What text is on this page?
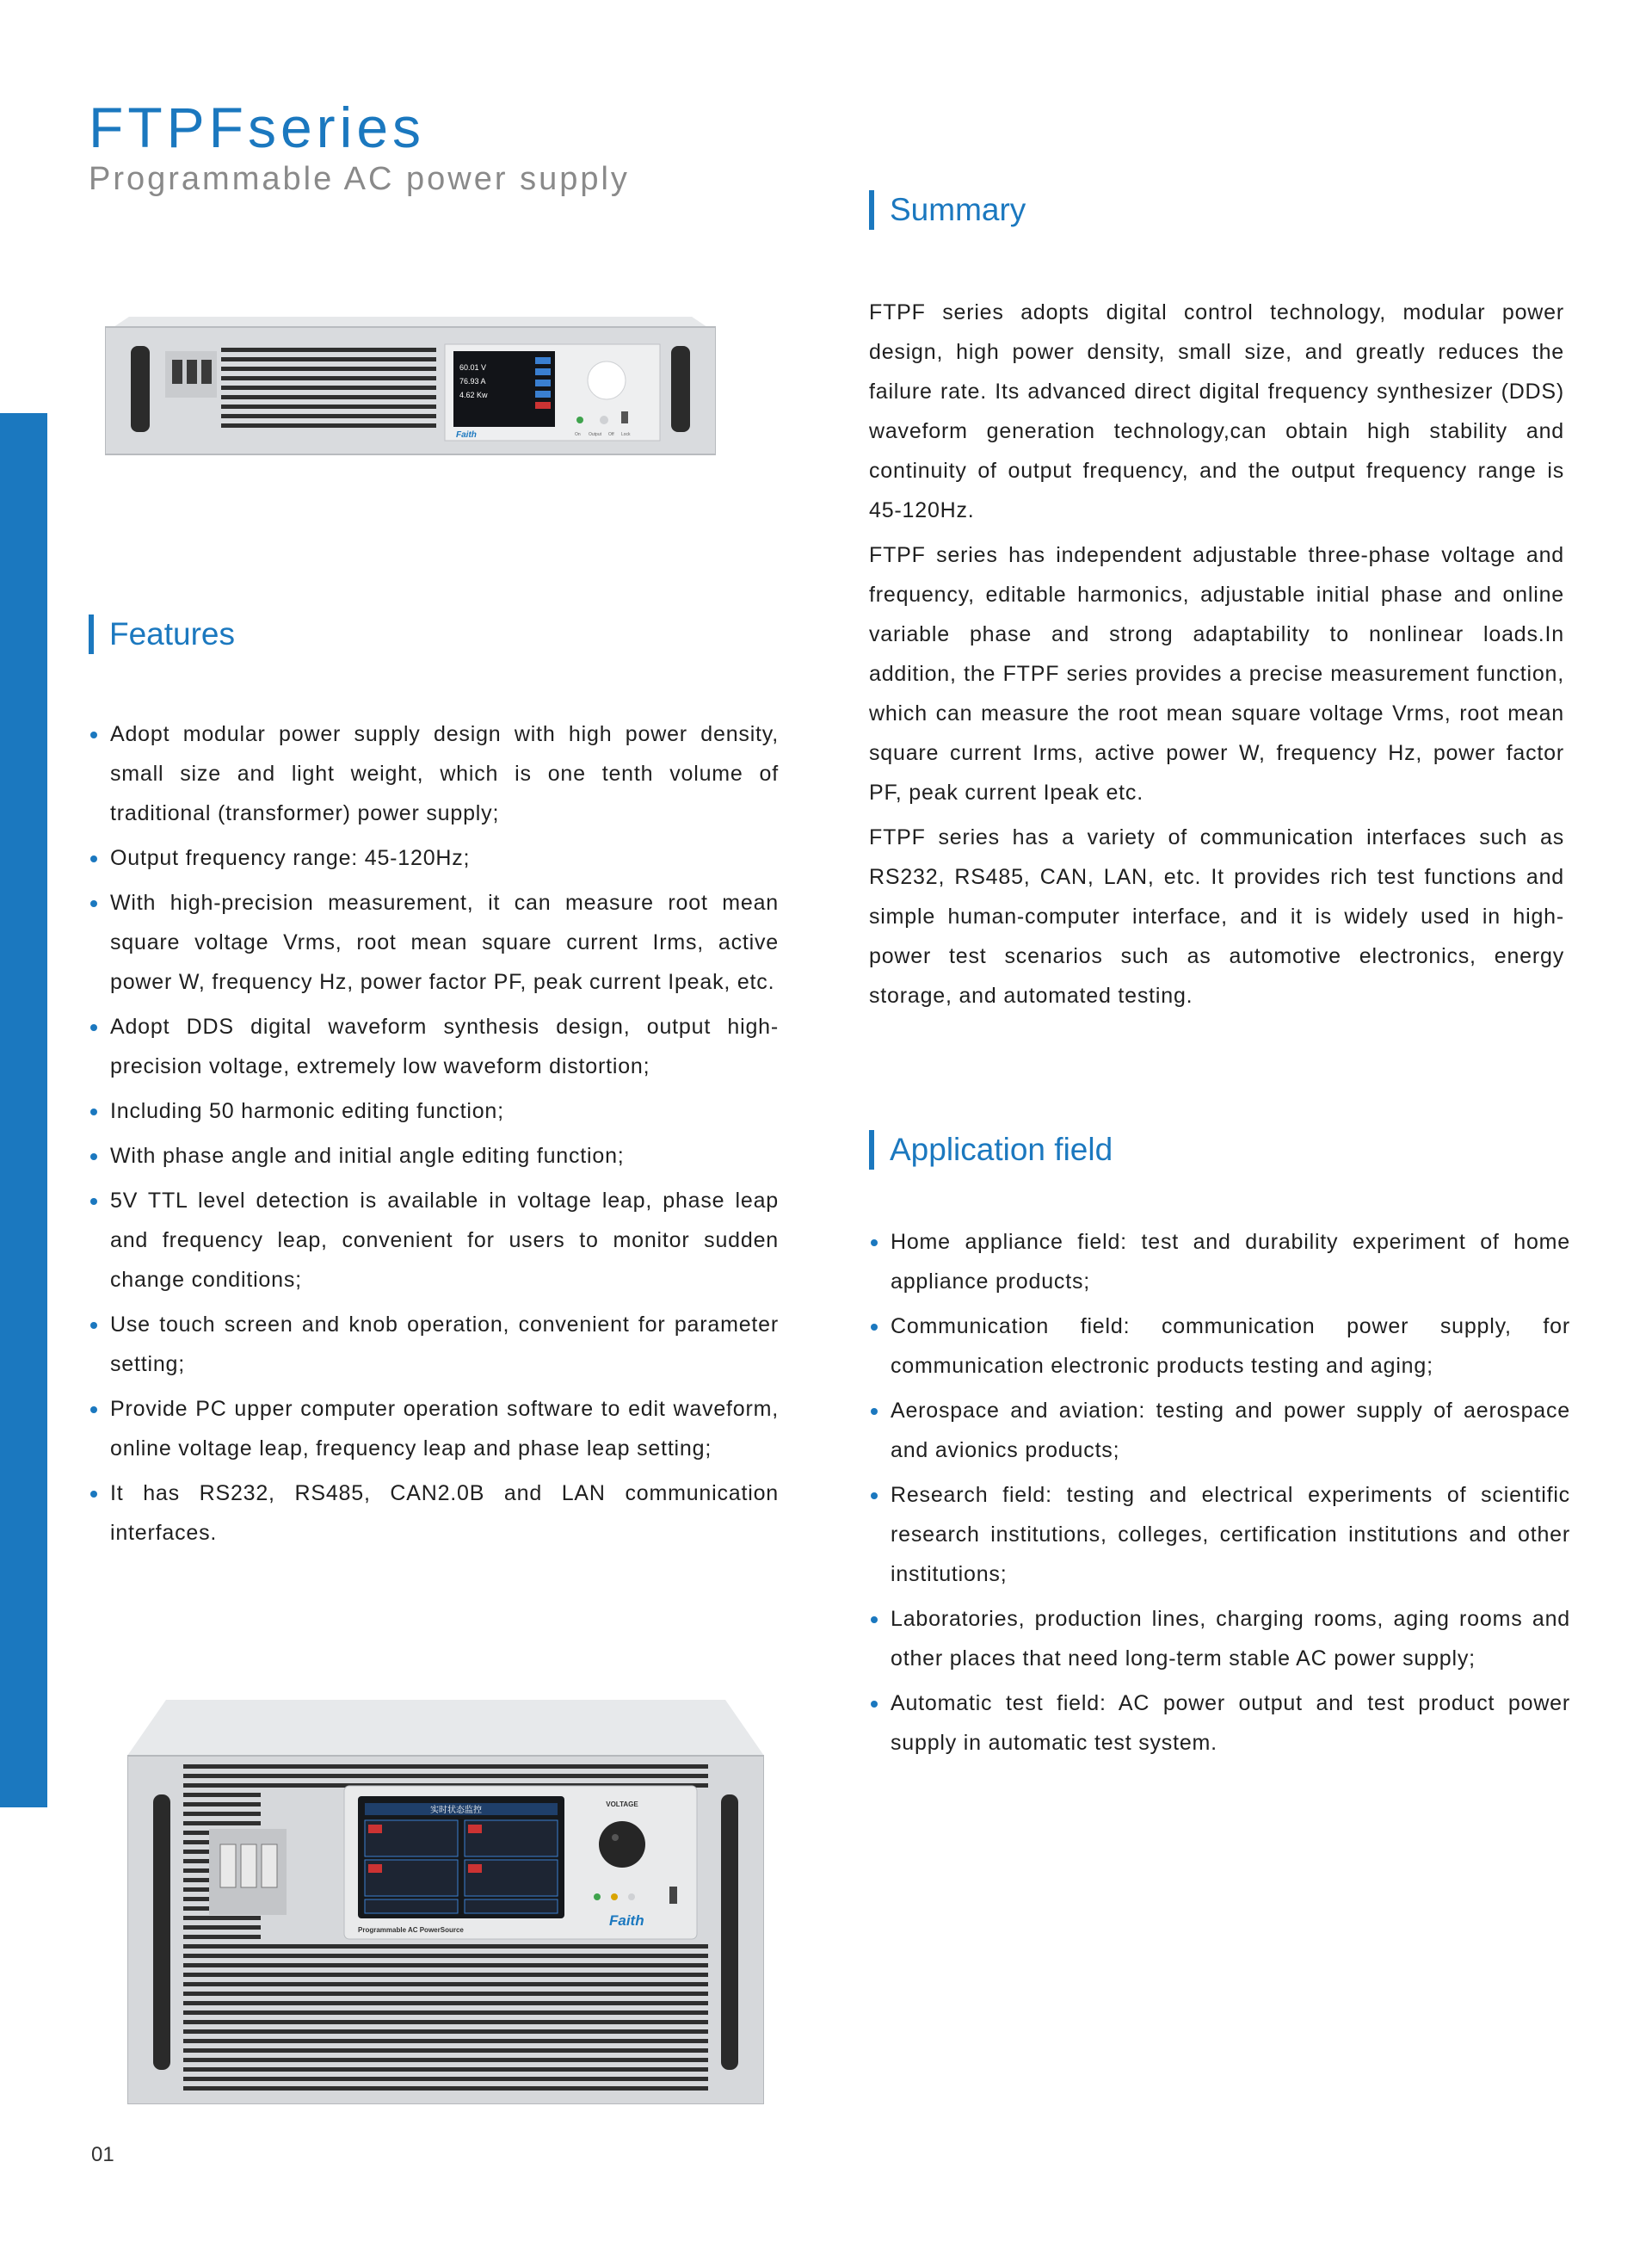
FTPFseries
Programmable AC power supply
60.01 V
76.93 A
4.62 Kw
Faith	On Output Off Lock
Summary

FTPF series adopts digital control technology, modular power design, high power density, small size, and greatly reduces the failure rate. Its advanced direct digital frequency synthesizer (DDS) waveform generation technology,can obtain high stability and continuity of output frequency, and the output frequency range is 45-120Hz.

FTPF series has independent adjustable three-phase voltage and frequency, editable harmonics, adjustable initial phase and online variable phase and strong adaptability to nonlinear loads.In addition, the FTPF series provides a precise measurement function, which can measure the root mean square voltage Vrms, root mean square current Irms, active power W, frequency Hz, power factor PF, peak current Ipeak etc.

FTPF series has a variety of communication interfaces such as RS232, RS485, CAN, LAN, etc. It provides rich test functions and simple human-computer interface, and it is widely used in high-power test scenarios such as automotive electronics, energy storage, and automated testing.

Features
Adopt modular power supply design with high power density, small size and light weight, which is one tenth volume of traditional (transformer) power supply;
Output frequency range: 45-120Hz;
With high-precision measurement, it can measure root mean square voltage Vrms, root mean square current Irms, active power W, frequency Hz, power factor PF, peak current Ipeak, etc.
Adopt DDS digital waveform synthesis design, output high-precision voltage, extremely low waveform distortion;
Including 50 harmonic editing function;
With phase angle and initial angle editing function;
5V TTL level detection is available in voltage leap, phase leap and frequency leap, convenient for users to monitor sudden change conditions;
Use touch screen and knob operation, convenient for parameter setting;
Provide PC upper computer operation software to edit waveform, online voltage leap, frequency leap and phase leap setting;
It has RS232, RS485, CAN2.0B and LAN communication interfaces.
Application field
Home appliance field: test and durability experiment of home appliance products;
Communication field: communication power supply, for communication electronic products testing and aging;
Aerospace and aviation: testing and power supply of aerospace and avionics products;
Research field: testing and electrical experiments of scientific research institutions, colleges, certification institutions and other institutions;
Laboratories, production lines, charging rooms, aging rooms and other places that need long-term stable AC power supply;
Automatic test field: AC power output and test product power supply in automatic test system.
实时状态监控
VOLTAGE
Faith
Programmable AC PowerSource
01
